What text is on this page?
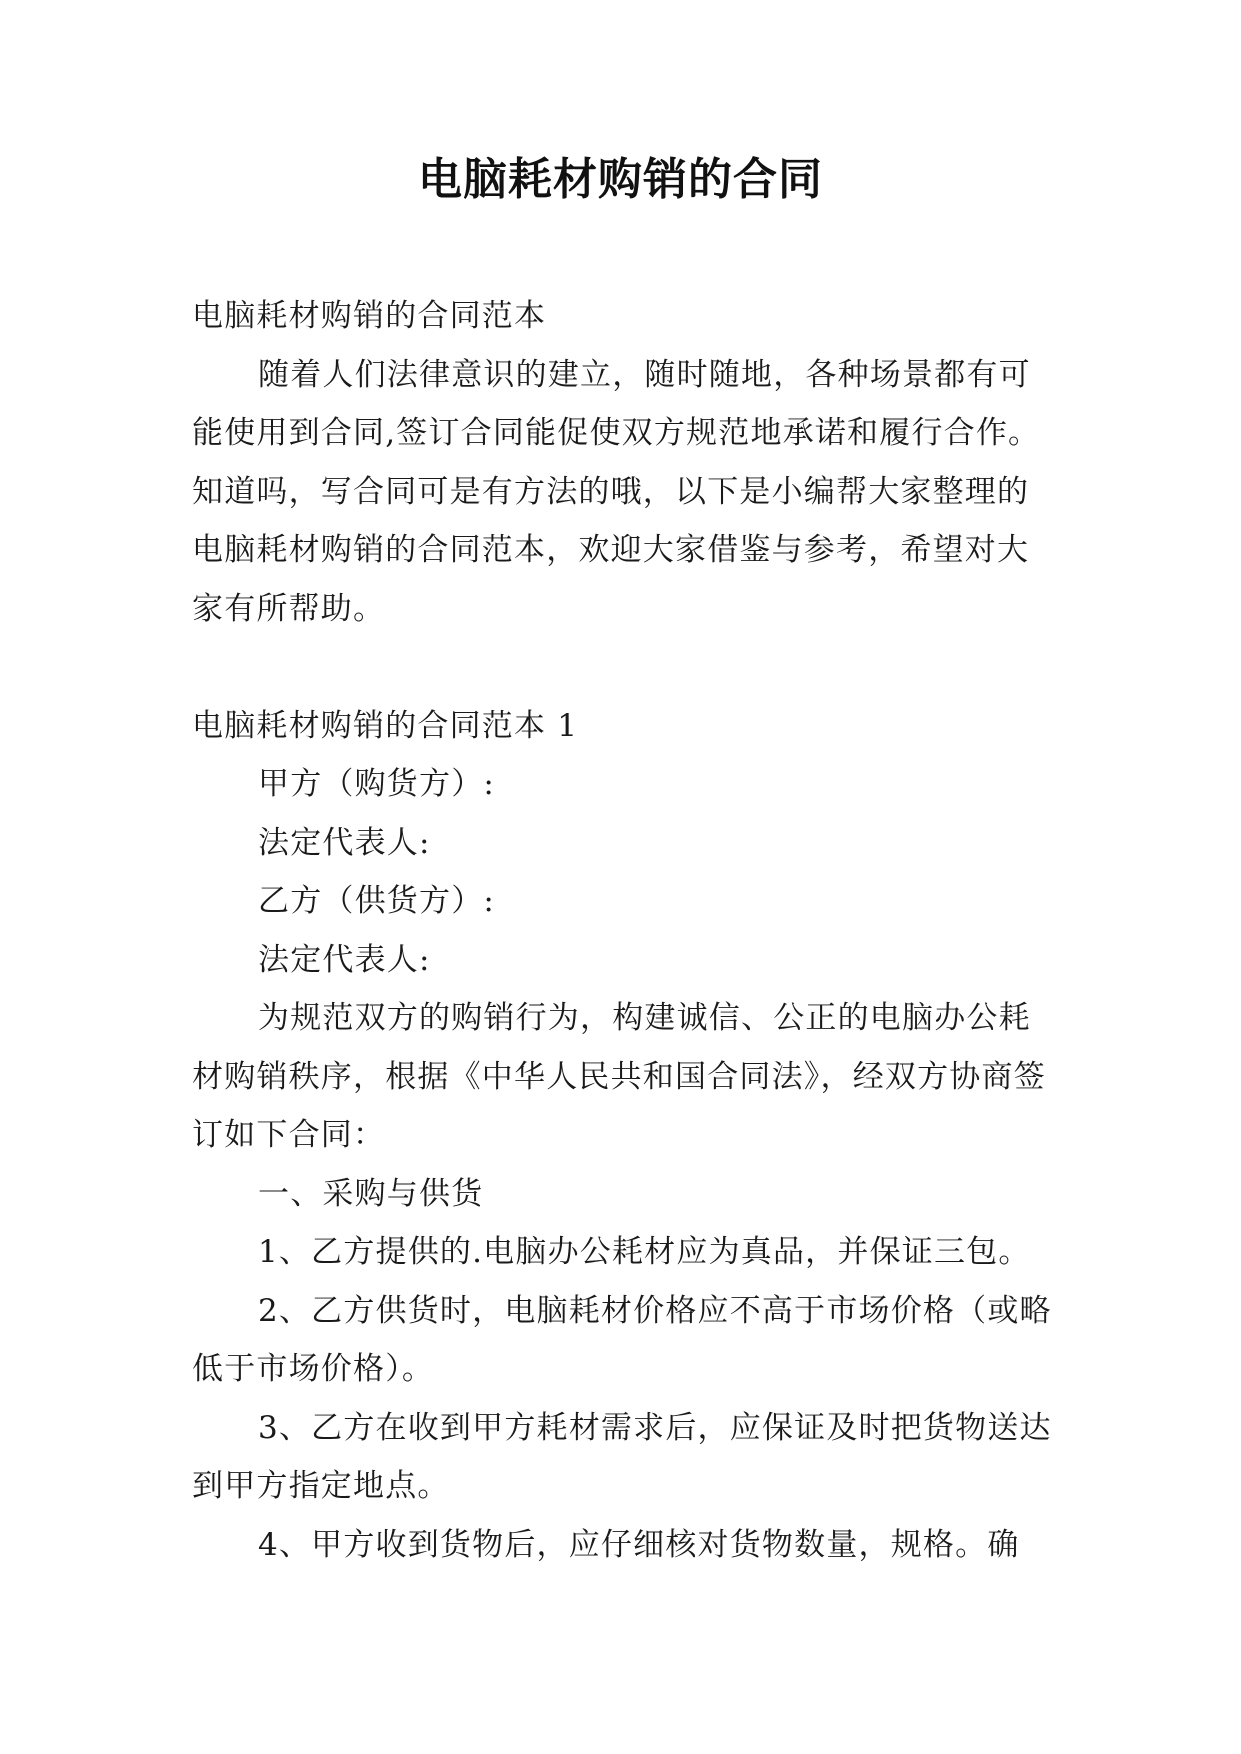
电脑耗材购销的合同

电脑耗材购销的合同范本

随着人们法律意识的建立，随时随地，各种场景都有可能使用到合同,签订合同能促使双方规范地承诺和履行合作。知道吗，写合同可是有方法的哦，以下是小编帮大家整理的电脑耗材购销的合同范本，欢迎大家借鉴与参考，希望对大家有所帮助。

电脑耗材购销的合同范本 1

甲方（购货方）:

法定代表人:

乙方（供货方）:

法定代表人:

为规范双方的购销行为，构建诚信、公正的电脑办公耗材购销秩序，根据《中华人民共和国合同法》，经双方协商签订如下合同：

一、采购与供货

1、乙方提供的.电脑办公耗材应为真品，并保证三包。

2、乙方供货时，电脑耗材价格应不高于市场价格（或略低于市场价格）。

3、乙方在收到甲方耗材需求后，应保证及时把货物送达到甲方指定地点。

4、甲方收到货物后，应仔细核对货物数量，规格。确
